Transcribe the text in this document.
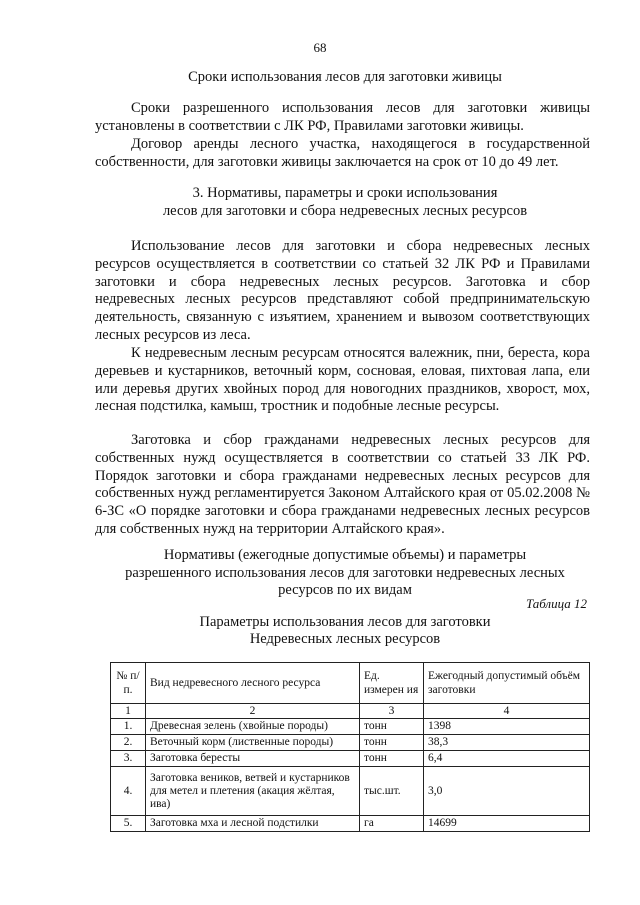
68
Сроки использования лесов для заготовки живицы

Сроки разрешенного использования лесов для заготовки живицы установлены в соответствии с ЛК РФ, Правилами заготовки живицы.

Договор аренды лесного участка, находящегося в государственной собственности, для заготовки живицы заключается на срок от 10 до 49 лет.

3. Нормативы, параметры и сроки использования
лесов для заготовки и сбора недревесных лесных ресурсов

Использование лесов для заготовки и сбора недревесных лесных ресурсов осуществляется в соответствии со статьей 32 ЛК РФ и Правилами заготовки и сбора недревесных лесных ресурсов. Заготовка и сбор недревесных лесных ресурсов представляют собой предпринимательскую деятельность, связанную с изъятием, хранением и вывозом соответствующих лесных ресурсов из леса.

К недревесным лесным ресурсам относятся валежник, пни, береста, кора деревьев и кустарников, веточный корм, сосновая, еловая, пихтовая лапа, ели или деревья других хвойных пород для новогодних праздников, хворост, мох, лесная подстилка, камыш, тростник и подобные лесные ресурсы.

Заготовка и сбор гражданами недревесных лесных ресурсов для собственных нужд осуществляется в соответствии со статьей 33 ЛК РФ. Порядок заготовки и сбора гражданами недревесных лесных ресурсов для собственных нужд регламентируется Законом Алтайского края от 05.02.2008 № 6-ЗС «О порядке заготовки и сбора гражданами недревесных лесных ресурсов для собственных нужд на территории Алтайского края».

Нормативы (ежегодные допустимые объемы) и параметры
разрешенного использования лесов для заготовки недревесных лесных
ресурсов по их видам
Таблица 12
Параметры использования лесов для заготовки
Недревесных лесных ресурсов
№ п/п.	Вид недревесного лесного ресурса	Ед. измерен ия	Ежегодный допустимый объём заготовки
1	2	3	4
1.	Древесная зелень (хвойные породы)	тонн	1398
2.	Веточный корм (лиственные породы)	тонн	38,3
3.	Заготовка бересты	тонн	6,4
4.	Заготовка веников, ветвей и кустарников для метел и плетения (акация жёлтая, ива)	тыс.шт.	3,0
5.	Заготовка мха и лесной подстилки	га	14699
